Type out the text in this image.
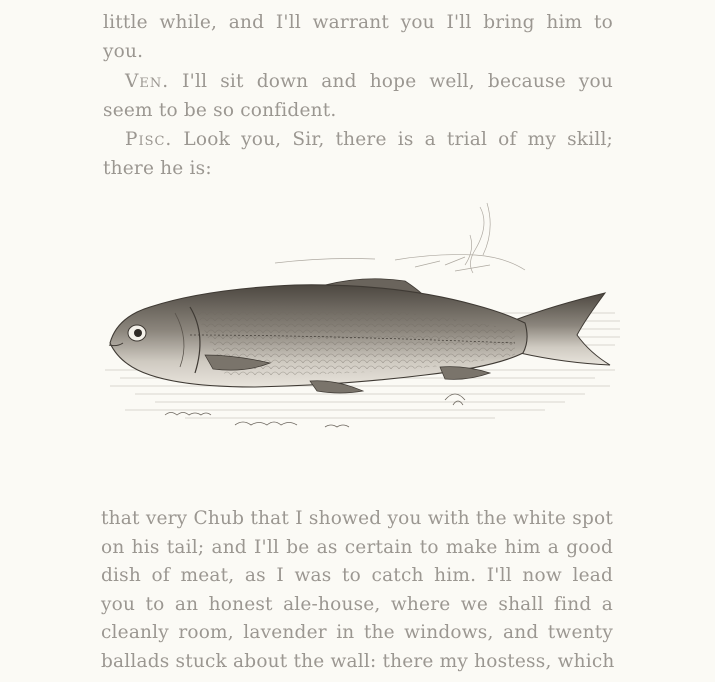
little while, and I'll warrant you I'll bring him to
you.
Ven. I'll sit down and hope well, because you
seem to be so confident.
Pisc. Look you, Sir, there is a trial of my skill;
there he is:
that very Chub that I showed you with the white spot
on his tail; and I'll be as certain to make him a good
dish of meat, as I was to catch him. I'll now lead
you to an honest ale-house, where we shall find a
cleanly room, lavender in the windows, and twenty
ballads stuck about the wall: there my hostess, which
